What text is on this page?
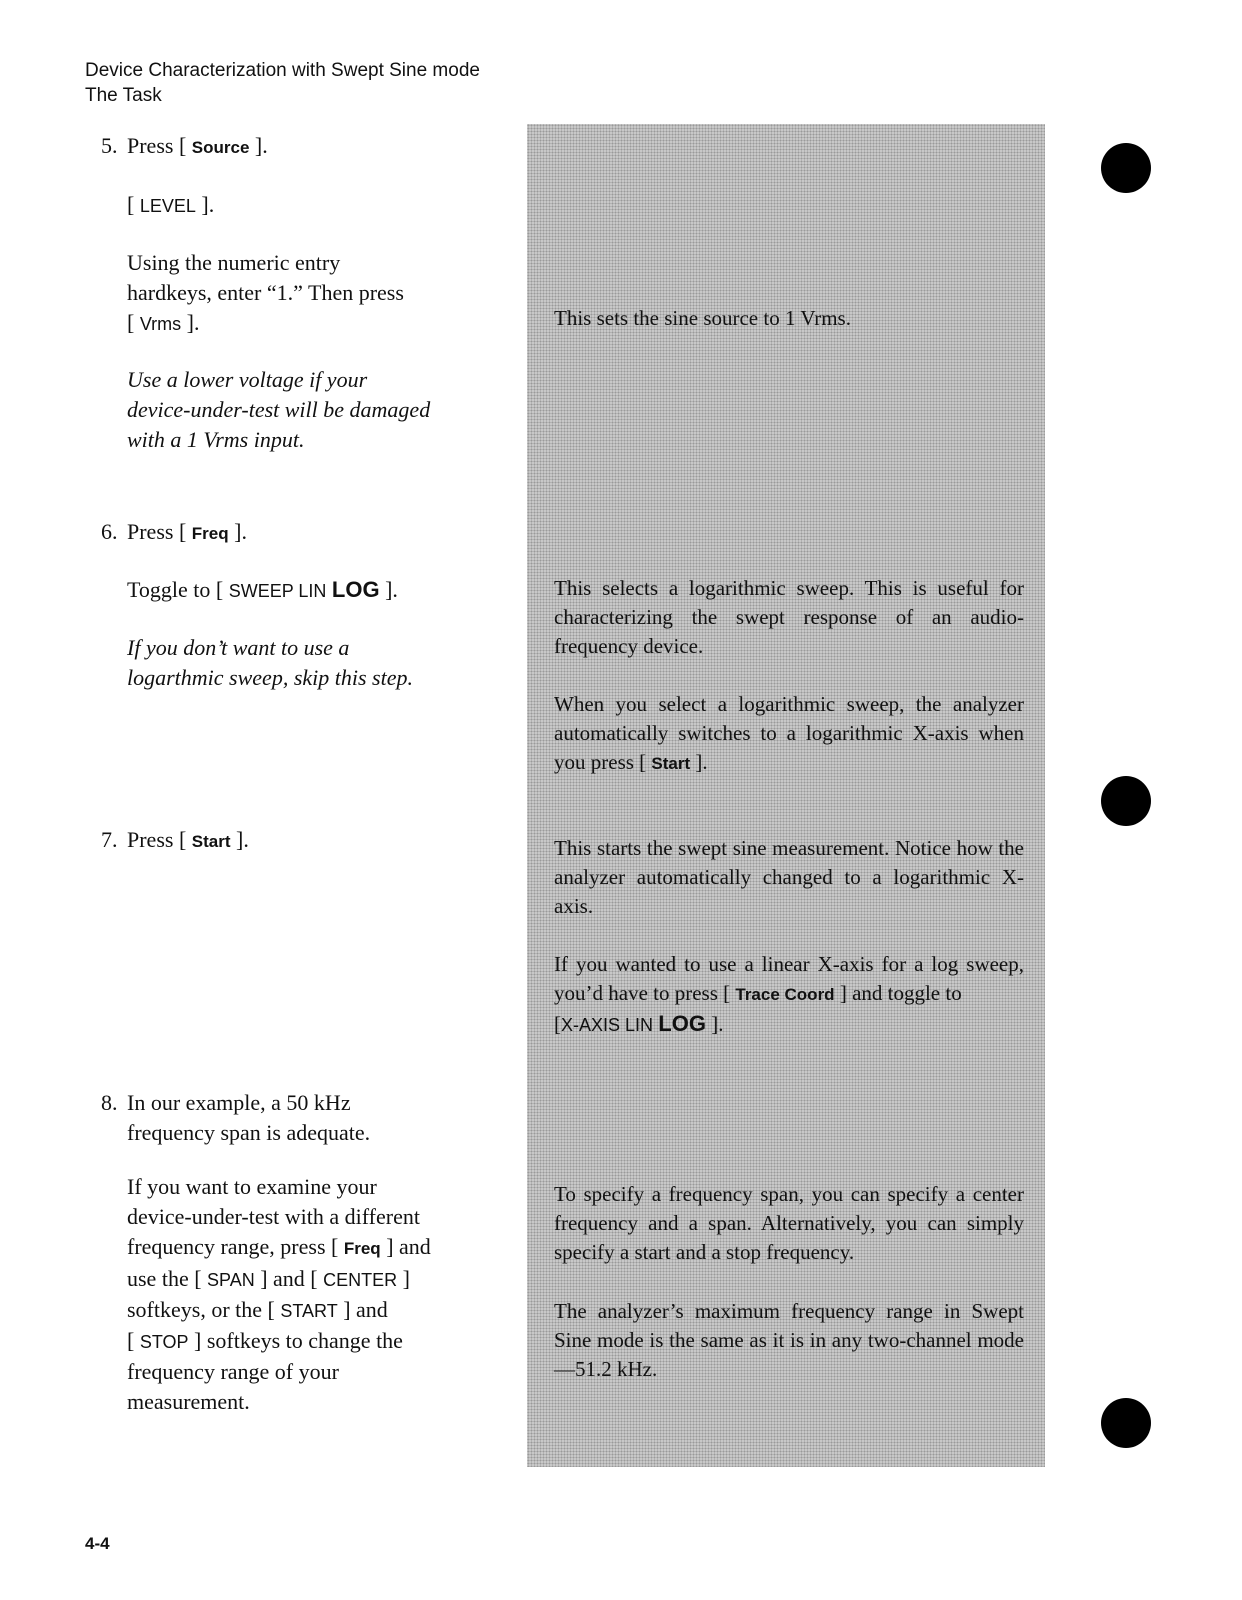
Device Characterization with Swept Sine mode
The Task
5. Press [ Source ].
[ LEVEL ].
Using the numeric entry
hardkeys, enter “1.” Then press
[ Vrms ].
Use a lower voltage if your
device-under-test will be damaged
with a 1 Vrms input.
6. Press [ Freq ].
Toggle to [ SWEEP LIN LOG ].
If you don’t want to use a
logarthmic sweep, skip this step.
7. Press [ Start ].
8. In our example, a 50 kHz
frequency span is adequate.
If you want to examine your
device-under-test with a different
frequency range, press [ Freq ] and
use the [ SPAN ] and [ CENTER ]
softkeys, or the [ START ] and
[ STOP ] softkeys to change the
frequency range of your
measurement.
This sets the sine source to 1 Vrms.
This selects a logarithmic sweep. This is useful for characterizing the swept response of an audio-frequency device.
When you select a logarithmic sweep, the analyzer automatically switches to a logarithmic X-axis when you press [ Start ].
This starts the swept sine measurement. Notice how the analyzer automatically changed to a logarithmic X-axis.
If you wanted to use a linear X-axis for a log sweep, you’d have to press [ Trace Coord ] and toggle to
[X-AXIS LIN LOG ].
To specify a frequency span, you can specify a center frequency and a span. Alternatively, you can simply specify a start and a stop frequency.
The analyzer’s maximum frequency range in Swept Sine mode is the same as it is in any two-channel mode—51.2 kHz.
4-4
